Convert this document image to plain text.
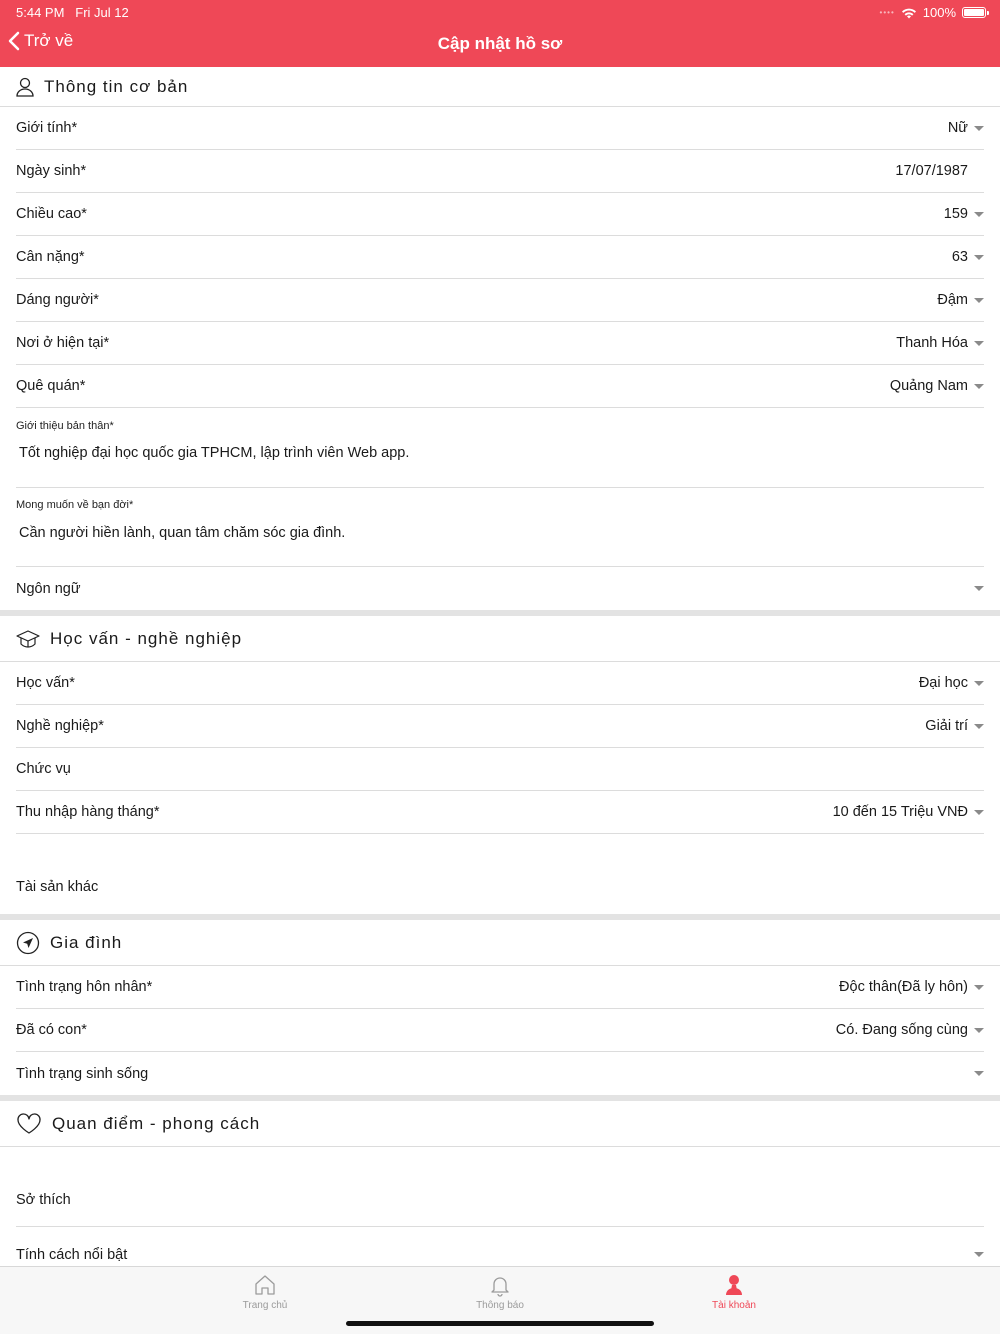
5:44 PM Fri Jul 12	•••• 100%
Trở về	Cập nhật hồ sơ
Thông tin cơ bản
Giới tính*	Nữ
Ngày sinh*	17/07/1987
Chiều cao*	159
Cân nặng*	63
Dáng người*	Đậm
Nơi ở hiện tại*	Thanh Hóa
Quê quán*	Quảng Nam
Giới thiệu bản thân*
Tốt nghiệp đại học quốc gia TPHCM, lập trình viên Web app.
Mong muốn về bạn đời*
Cần người hiền lành, quan tâm chăm sóc gia đình.
Ngôn ngữ
Học vấn - nghề nghiệp
Học vấn*	Đại học
Nghề nghiệp*	Giải trí
Chức vụ
Thu nhập hàng tháng*	10 đến 15 Triệu VNĐ
Tài sản khác
Gia đình
Tình trạng hôn nhân*	Độc thân(Đã ly hôn)
Đã có con*	Có. Đang sống cùng
Tình trạng sinh sống
Quan điểm - phong cách
Sở thích
Tính cách nổi bật
Trang chủ	Thông báo	Tài khoản
